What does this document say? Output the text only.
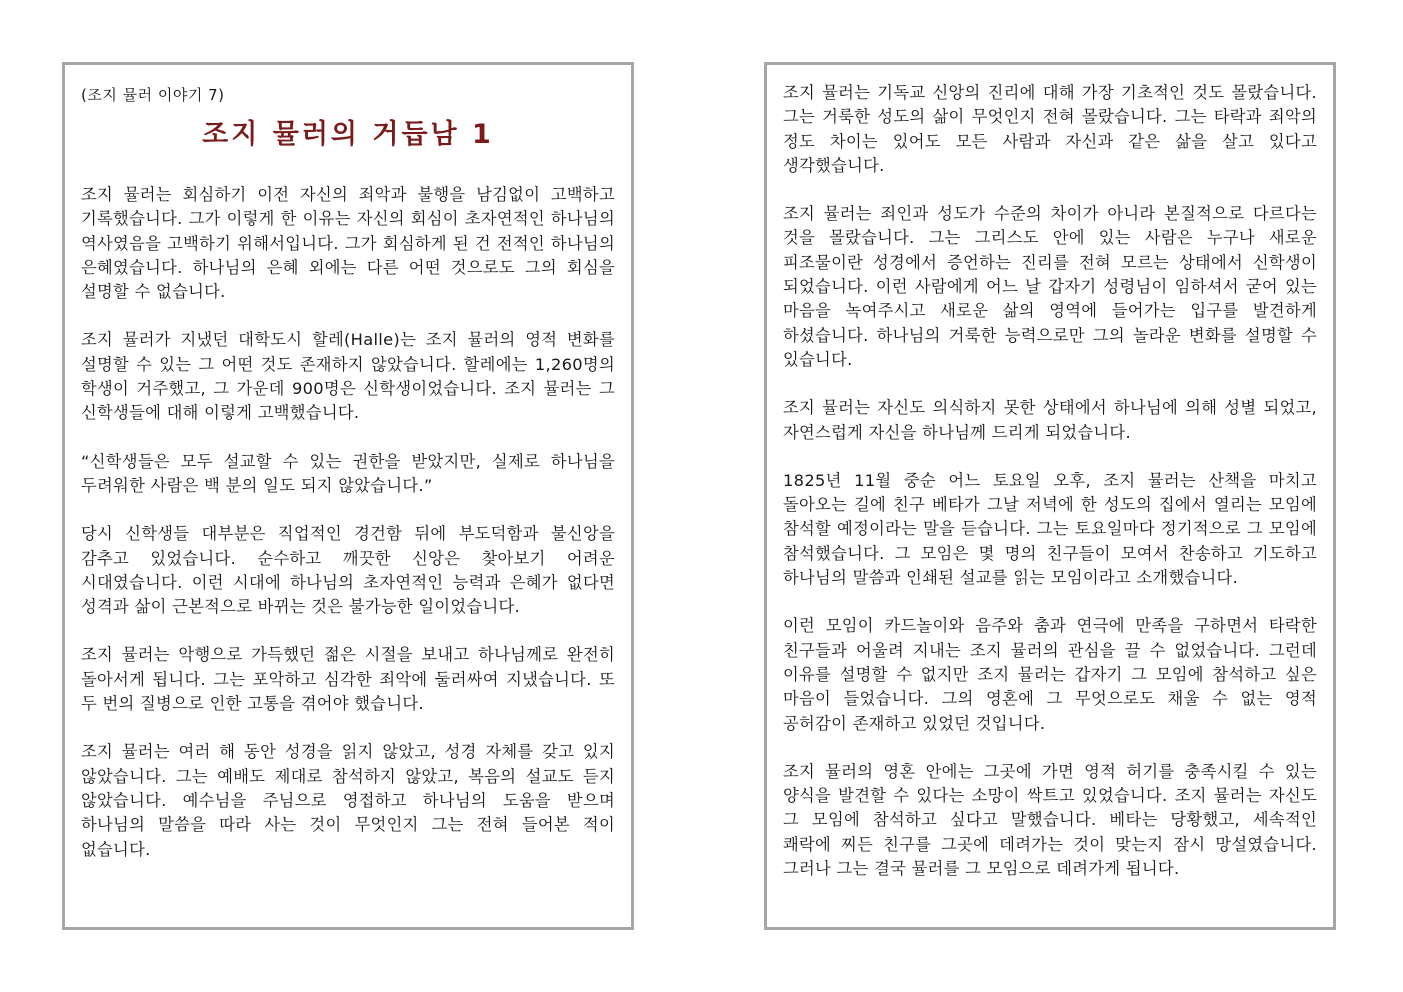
(조지 뮬러 이야기 7)
조지 뮬러의 거듭남 1

조지 뮬러는 회심하기 이전 자신의 죄악과 불행을 남김없이 고백하고 기록했습니다. 그가 이렇게 한 이유는 자신의 회심이 초자연적인 하나님의 역사였음을 고백하기 위해서입니다. 그가 회심하게 된 건 전적인 하나님의 은혜였습니다. 하나님의 은혜 외에는 다른 어떤 것으로도 그의 회심을 설명할 수 없습니다.

조지 뮬러가 지냈던 대학도시 할레(Halle)는 조지 뮬러의 영적 변화를 설명할 수 있는 그 어떤 것도 존재하지 않았습니다. 할레에는 1,260명의 학생이 거주했고, 그 가운데 900명은 신학생이었습니다. 조지 뮬러는 그 신학생들에 대해 이렇게 고백했습니다.

“신학생들은 모두 설교할 수 있는 권한을 받았지만, 실제로 하나님을 두려워한 사람은 백 분의 일도 되지 않았습니다.”

당시 신학생들 대부분은 직업적인 경건함 뒤에 부도덕함과 불신앙을 감추고 있었습니다. 순수하고 깨끗한 신앙은 찾아보기 어려운 시대였습니다. 이런 시대에 하나님의 초자연적인 능력과 은혜가 없다면 성격과 삶이 근본적으로 바뀌는 것은 불가능한 일이었습니다.

조지 뮬러는 악행으로 가득했던 젊은 시절을 보내고 하나님께로 완전히 돌아서게 됩니다. 그는 포악하고 심각한 죄악에 둘러싸여 지냈습니다. 또 두 번의 질병으로 인한 고통을 겪어야 했습니다.

조지 뮬러는 여러 해 동안 성경을 읽지 않았고, 성경 자체를 갖고 있지 않았습니다. 그는 예배도 제대로 참석하지 않았고, 복음의 설교도 듣지 않았습니다. 예수님을 주님으로 영접하고 하나님의 도움을 받으며 하나님의 말씀을 따라 사는 것이 무엇인지 그는 전혀 들어본 적이 없습니다.

조지 뮬러는 기독교 신앙의 진리에 대해 가장 기초적인 것도 몰랐습니다. 그는 거룩한 성도의 삶이 무엇인지 전혀 몰랐습니다. 그는 타락과 죄악의 정도 차이는 있어도 모든 사람과 자신과 같은 삶을 살고 있다고 생각했습니다.

조지 뮬러는 죄인과 성도가 수준의 차이가 아니라 본질적으로 다르다는 것을 몰랐습니다. 그는 그리스도 안에 있는 사람은 누구나 새로운 피조물이란 성경에서 증언하는 진리를 전혀 모르는 상태에서 신학생이 되었습니다. 이런 사람에게 어느 날 갑자기 성령님이 임하셔서 굳어 있는 마음을 녹여주시고 새로운 삶의 영역에 들어가는 입구를 발견하게 하셨습니다. 하나님의 거룩한 능력으로만 그의 놀라운 변화를 설명할 수 있습니다.

조지 뮬러는 자신도 의식하지 못한 상태에서 하나님에 의해 성별 되었고, 자연스럽게 자신을 하나님께 드리게 되었습니다.

1825년 11월 중순 어느 토요일 오후, 조지 뮬러는 산책을 마치고 돌아오는 길에 친구 베타가 그날 저녁에 한 성도의 집에서 열리는 모임에 참석할 예정이라는 말을 듣습니다. 그는 토요일마다 정기적으로 그 모임에 참석했습니다. 그 모임은 몇 명의 친구들이 모여서 찬송하고 기도하고 하나님의 말씀과 인쇄된 설교를 읽는 모임이라고 소개했습니다.

이런 모임이 카드놀이와 음주와 춤과 연극에 만족을 구하면서 타락한 친구들과 어울려 지내는 조지 뮬러의 관심을 끌 수 없었습니다. 그런데 이유를 설명할 수 없지만 조지 뮬러는 갑자기 그 모임에 참석하고 싶은 마음이 들었습니다. 그의 영혼에 그 무엇으로도 채울 수 없는 영적 공허감이 존재하고 있었던 것입니다.

조지 뮬러의 영혼 안에는 그곳에 가면 영적 허기를 충족시킬 수 있는 양식을 발견할 수 있다는 소망이 싹트고 있었습니다. 조지 뮬러는 자신도 그 모임에 참석하고 싶다고 말했습니다. 베타는 당황했고, 세속적인 쾌락에 찌든 친구를 그곳에 데려가는 것이 맞는지 잠시 망설였습니다. 그러나 그는 결국 뮬러를 그 모임으로 데려가게 됩니다.
